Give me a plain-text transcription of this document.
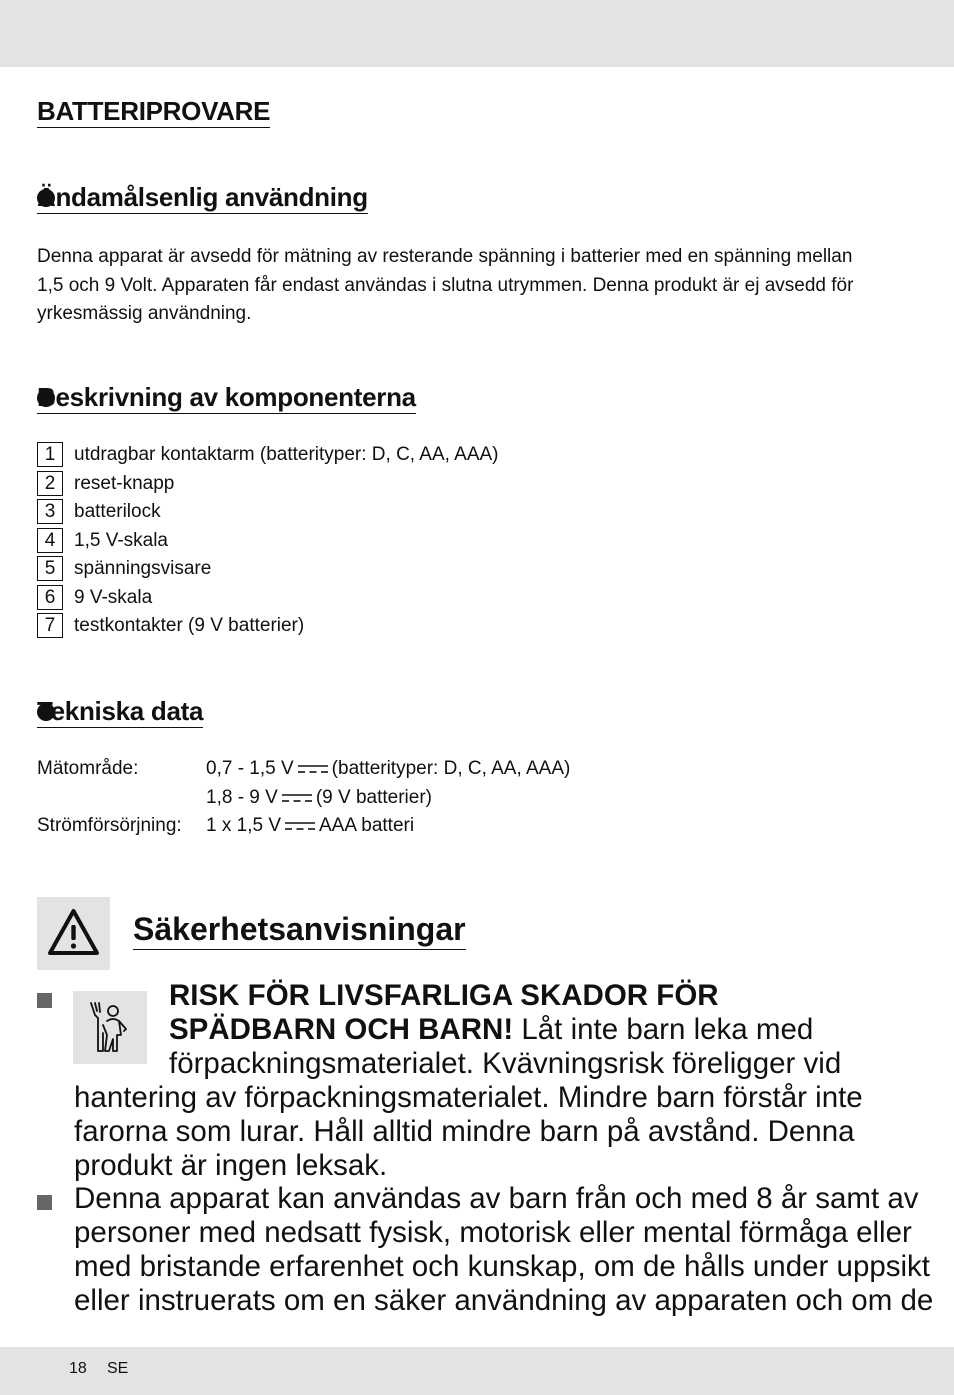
BATTERIPROVARE
Ändamålsenlig användning
Denna apparat är avsedd för mätning av resterande spänning i batterier med en spänning mellan
1,5 och 9 Volt. Apparaten får endast användas i slutna utrymmen. Denna produkt är ej avsedd för
yrkesmässig användning.
Beskrivning av komponenterna
1 utdragbar kontaktarm (batterityper: D, C, AA, AAA)
2 reset-knapp
3 batterilock
4 1,5 V-skala
5 spänningsvisare
6 9 V-skala
7 testkontakter (9 V batterier)
Tekniska data
Mätområde:	0,7 - 1,5 V (batterityper: D, C, AA, AAA)
1,8 - 9 V (9 V batterier)
Strömförsörjning: 1 x 1,5 V AAA batteri
Säkerhetsanvisningar
RISK FÖR LIVSFARLIGA SKADOR FÖR
SPÄDBARN OCH BARN! Låt inte barn leka med
förpackningsmaterialet. Kvävningsrisk föreligger vid
hantering av förpackningsmaterialet. Mindre barn förstår inte
farorna som lurar. Håll alltid mindre barn på avstånd. Denna
produkt är ingen leksak.
Denna apparat kan användas av barn från och med 8 år samt av
personer med nedsatt fysisk, motorisk eller mental förmåga eller
med bristande erfarenhet och kunskap, om de hålls under uppsikt
eller instruerats om en säker användning av apparaten och om de
18 SE
